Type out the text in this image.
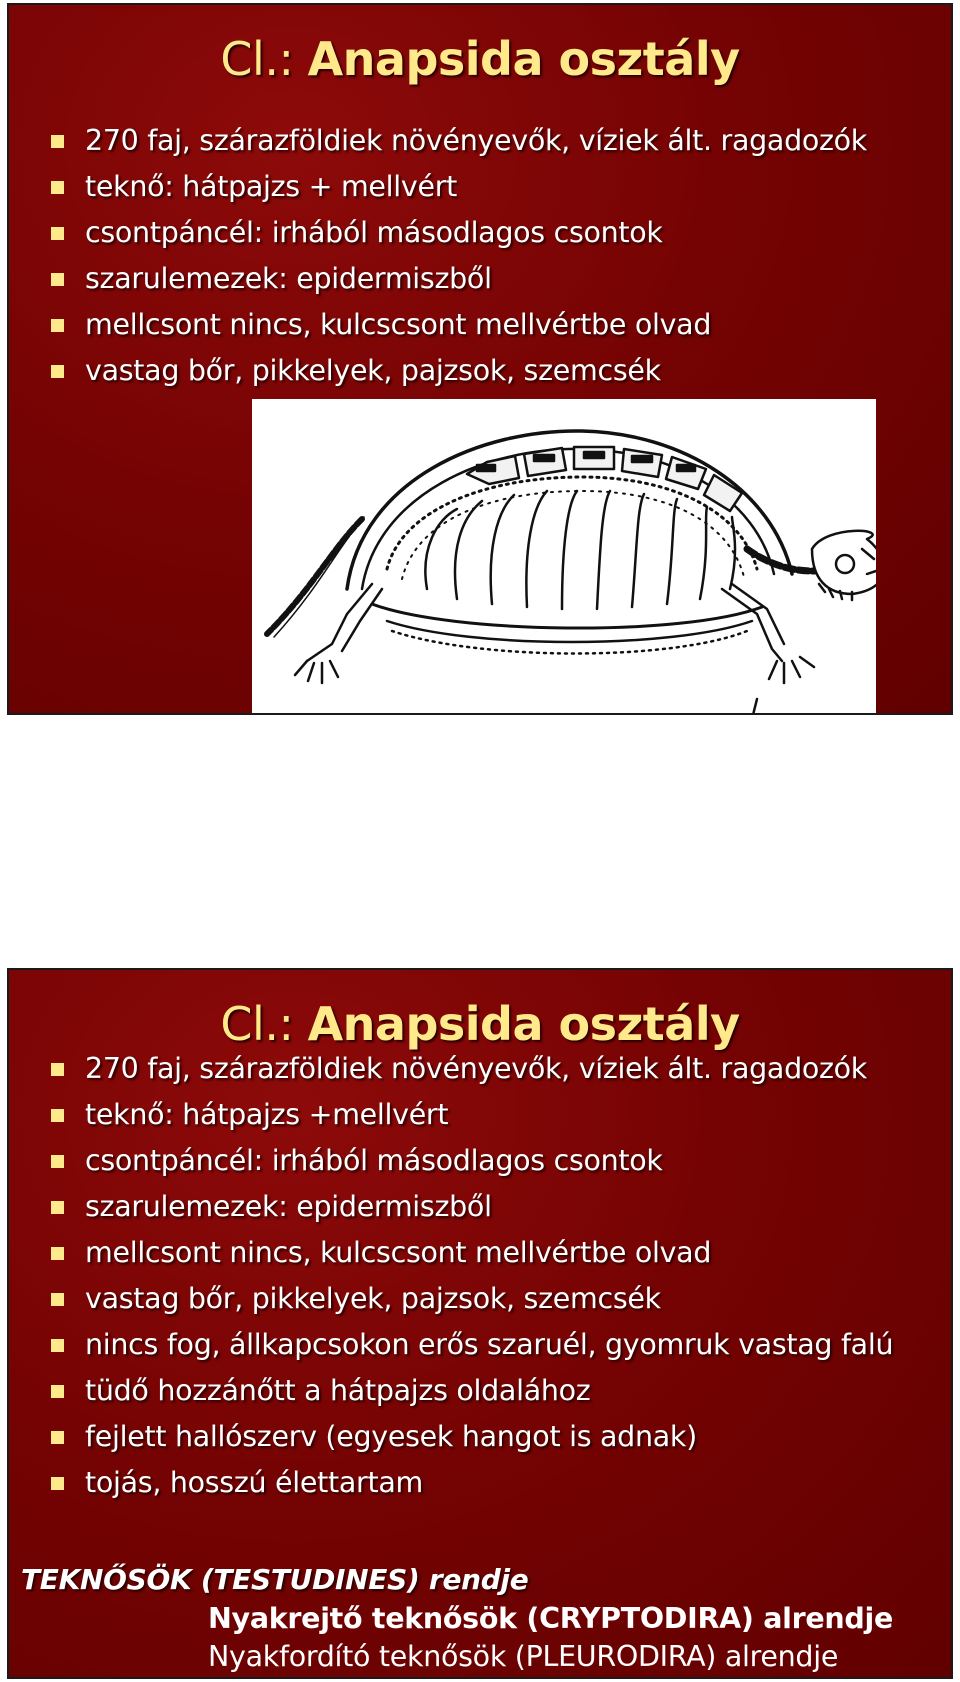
Cl.: Anapsida osztály
270 faj, szárazföldiek növényevők, víziek ált. ragadozók
teknő: hátpajzs + mellvért
csontpáncél: irhából másodlagos csontok
szarulemezek: epidermiszből
mellcsont nincs, kulcscsont mellvértbe olvad
vastag bőr, pikkelyek, pajzsok, szemcsék
Cl.: Anapsida osztály
270 faj, szárazföldiek növényevők, víziek ált. ragadozók
teknő: hátpajzs +mellvért
csontpáncél: irhából másodlagos csontok
szarulemezek: epidermiszből
mellcsont nincs, kulcscsont mellvértbe olvad
vastag bőr, pikkelyek, pajzsok, szemcsék
nincs fog, állkapcsokon erős szaruél, gyomruk vastag falú
tüdő hozzánőtt a hátpajzs oldalához
fejlett hallószerv (egyesek hangot is adnak)
tojás, hosszú élettartam
TEKNŐSÖK (TESTUDINES) rendje
Nyakrejtő teknősök (CRYPTODIRA) alrendje
Nyakfordító teknősök (PLEURODIRA) alrendje
